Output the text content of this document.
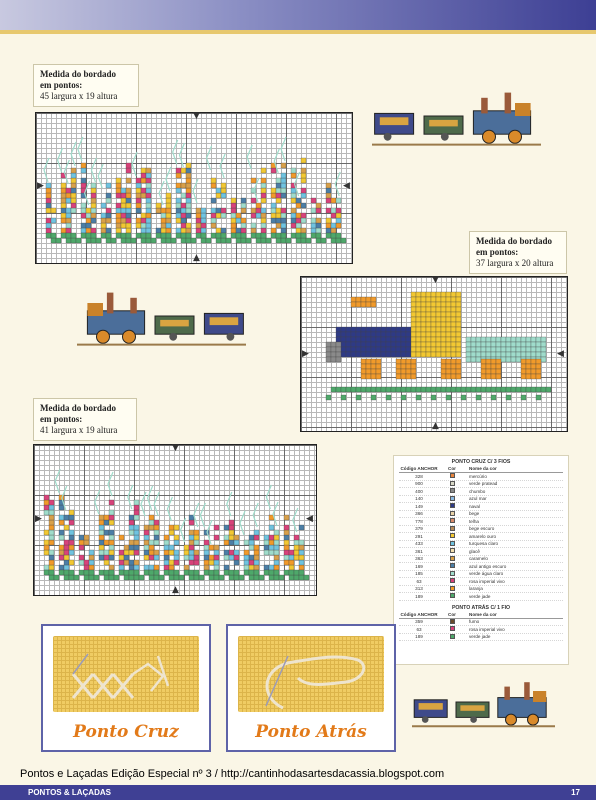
Medida do bordado
em pontos:
45 largura x 19 altura
Medida do bordado
em pontos:
37 largura x 20 altura
Medida do bordado
em pontos:
41 largura x 19 altura
▼
▲
▶	◀
▼
▲
▶	◀
▼
▲
▶	◀
PONTO CRUZ C/ 3 FIOS
Código ANCHOR	Cor	Nome da cor
328	mercúrio
900	verde pratead
400	chumbo
140	azul mar
149	naval
366	bege
778	telha
379	bege escuro
291	amarelo ouro
433	turquesa claro
361	glacê
363	caramelo
169	azul antigo escuro
185	verde água claro
63	rosa imperial vivo
313	laranja
189	verde jade
PONTO ATRÁS C/ 1 FIO
Código ANCHOR	Cor	Nome da cor
359	fumo
63	rosa imperial vivo
189	verde jade
Ponto Cruz	Ponto Atrás
Pontos e Laçadas Edição Especial nº 3 / http://cantinhodasartesdacassia.blogspot.com
PONTOS & LAÇADAS	17
